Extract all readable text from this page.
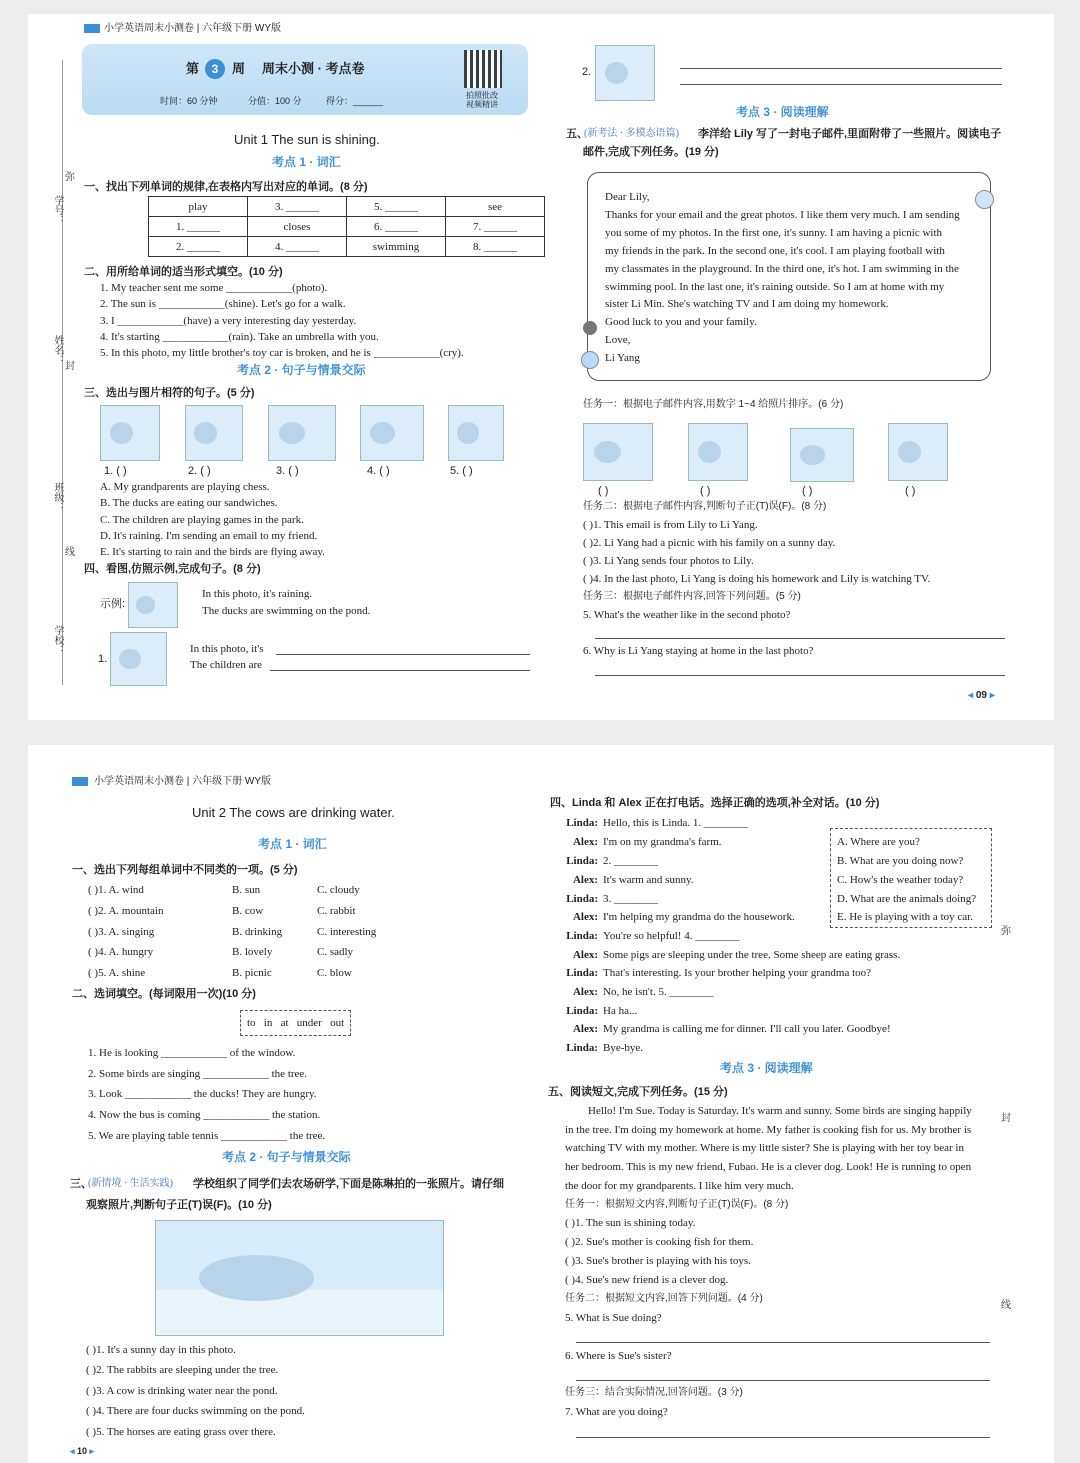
小学英语周末小测卷 | 六年级下册 WY版
第	3	周 周末小测 · 考点卷
时间：60 分钟	分值：100 分	得分：______
拍照批改
视频精讲
Unit 1 The sun is shining.
考点 1 · 词汇
一、找出下列单词的规律,在表格内写出对应的单词。(8 分)
play	3. ______	5. ______	see
1. ______	closes	6. ______	7. ______
2. ______	4. ______	swimming	8. ______
二、用所给单词的适当形式填空。(10 分)
1. My teacher sent me some ____________(photo).
2. The sun is ____________(shine). Let's go for a walk.
3. I ____________(have) a very interesting day yesterday.
4. It's starting ____________(rain). Take an umbrella with you.
5. In this photo, my little brother's toy car is broken, and he is ____________(cry).
考点 2 · 句子与情景交际
三、选出与图片相符的句子。(5 分)
1. ( )	2. ( )	3. ( )	4. ( )	5. ( )
A. My grandparents are playing chess.
B. The ducks are eating our sandwiches.
C. The children are playing games in the park.
D. It's raining. I'm sending an email to my friend.
E. It's starting to rain and the birds are flying away.
四、看图,仿照示例,完成句子。(8 分)
示例:
In this photo, it's raining.
The ducks are swimming on the pond.
1.
In this photo, it's
The children are
学号：
姓名：
班级：
学校：
弥
封
线
2.
考点 3 · 阅读理解
五、
(新考法 · 多模态语篇) 李洋给 Lily 写了一封电子邮件,里面附带了一些照片。阅读电子
邮件,完成下列任务。(19 分)
Dear Lily,
Thanks for your email and the great photos. I like them very much. I am sending
you some of my photos. In the first one, it's sunny. I am having a picnic with
my friends in the park. In the second one, it's cool. I am playing football with
my classmates in the playground. In the third one, it's hot. I am swimming in the
swimming pool. In the last one, it's raining outside. So I am at home with my
sister Li Min. She's watching TV and I am doing my homework.
Good luck to you and your family.
Love,
Li Yang
任务一：根据电子邮件内容,用数字 1~4 给照片排序。(6 分)
( )	( )	( )	( )
任务二：根据电子邮件内容,判断句子正(T)误(F)。(8 分)
( )1. This email is from Lily to Li Yang.
( )2. Li Yang had a picnic with his family on a sunny day.
( )3. Li Yang sends four photos to Lily.
( )4. In the last photo, Li Yang is doing his homework and Lily is watching TV.
任务三：根据电子邮件内容,回答下列问题。(5 分)
5. What's the weather like in the second photo?
6. Why is Li Yang staying at home in the last photo?
◂ 09 ▸
小学英语周末小测卷 | 六年级下册 WY版
Unit 2 The cows are drinking water.
考点 1 · 词汇
一、选出下列每组单词中不同类的一项。(5 分)
( )1. A. wind	B. sun	C. cloudy
( )2. A. mountain	B. cow	C. rabbit
( )3. A. singing	B. drinking	C. interesting
( )4. A. hungry	B. lovely	C. sadly
( )5. A. shine	B. picnic	C. blow
二、选词填空。(每词限用一次)(10 分)
to   in   at   under   out
1. He is looking ____________ of the window.
2. Some birds are singing ____________ the tree.
3. Look ____________ the ducks! They are hungry.
4. Now the bus is coming ____________ the station.
5. We are playing table tennis ____________ the tree.
考点 2 · 句子与情景交际
三、
(新情境 · 生活实践) 学校组织了同学们去农场研学,下面是陈琳拍的一张照片。请仔细
观察照片,判断句子正(T)误(F)。(10 分)
( )1. It's a sunny day in this photo.
( )2. The rabbits are sleeping under the tree.
( )3. A cow is drinking water near the pond.
( )4. There are four ducks swimming on the pond.
( )5. The horses are eating grass over there.
◂ 10 ▸
四、Linda 和 Alex 正在打电话。选择正确的选项,补全对话。(10 分)
Linda: Hello, this is Linda. 1. ________
Alex: I'm on my grandma's farm.
Linda: 2. ________
Alex: It's warm and sunny.
Linda: 3. ________
Alex: I'm helping my grandma do the housework.
Linda: You're so helpful! 4. ________
Alex: Some pigs are sleeping under the tree. Some sheep are eating grass.
Linda: That's interesting. Is your brother helping your grandma too?
Alex: No, he isn't. 5. ________
Linda: Ha ha...
Alex: My grandma is calling me for dinner. I'll call you later. Goodbye!
Linda: Bye-bye.
A. Where are you?
B. What are you doing now?
C. How's the weather today?
D. What are the animals doing?
E. He is playing with a toy car.
考点 3 · 阅读理解
五、阅读短文,完成下列任务。(15 分)
Hello! I'm Sue. Today is Saturday. It's warm and sunny. Some birds are singing happily
in the tree. I'm doing my homework at home. My father is cooking fish for us. My brother is
watching TV with my mother. Where is my little sister? She is playing with her toy bear in
her bedroom. This is my new friend, Fubao. He is a clever dog. Look! He is running to open
the door for my grandparents. I like him very much.
任务一：根据短文内容,判断句子正(T)误(F)。(8 分)
( )1. The sun is shining today.
( )2. Sue's mother is cooking fish for them.
( )3. Sue's brother is playing with his toys.
( )4. Sue's new friend is a clever dog.
任务二：根据短文内容,回答下列问题。(4 分)
5. What is Sue doing?
6. Where is Sue's sister?
任务三：结合实际情况,回答问题。(3 分)
7. What are you doing?
弥
封
线
